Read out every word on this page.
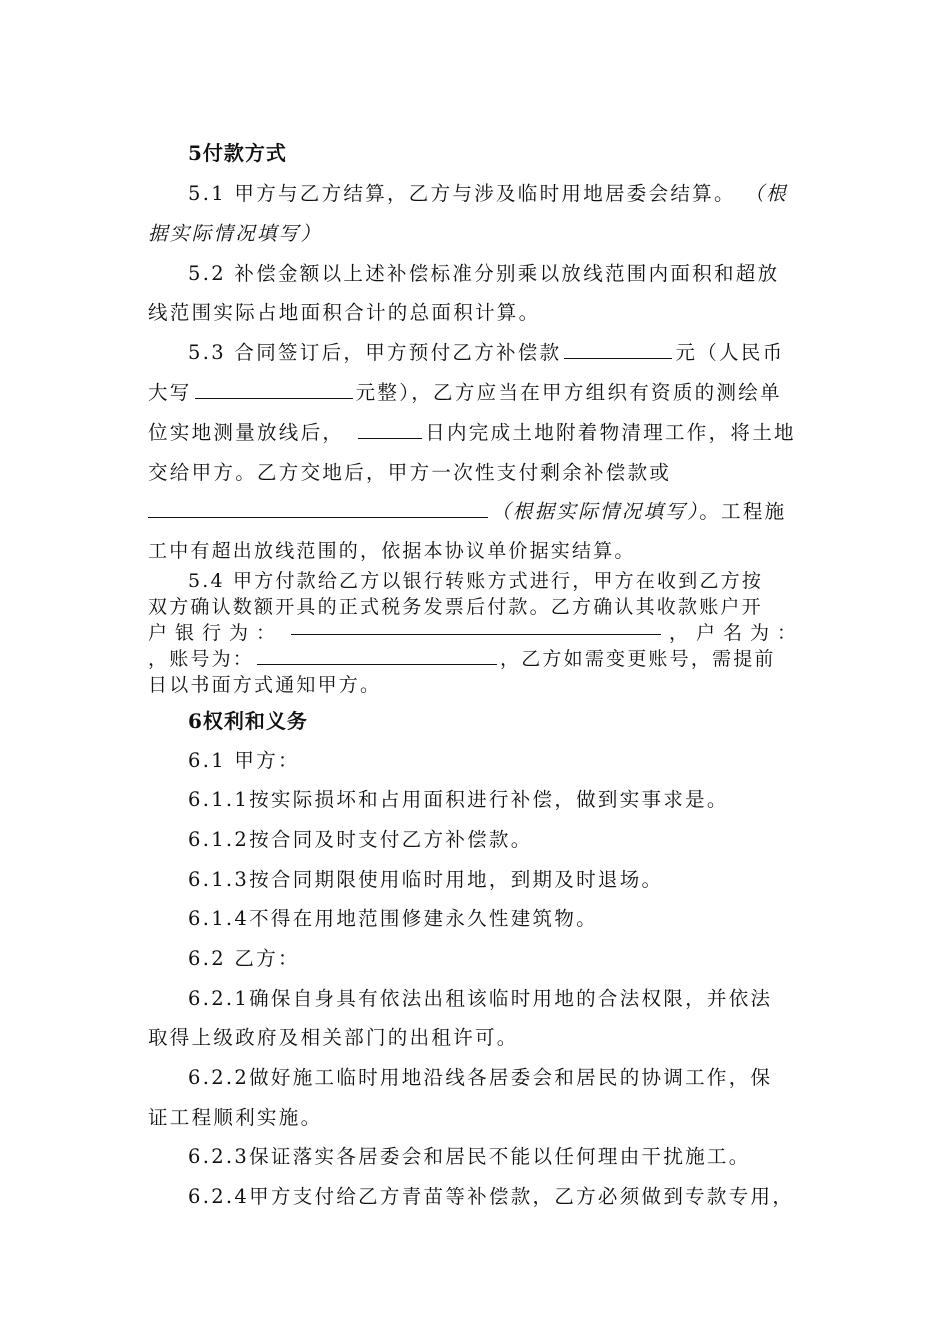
5付款方式
5.1 甲方与乙方结算，乙方与涉及临时用地居委会结算。 （根
据实际情况填写）
5.2 补偿金额以上述补偿标准分别乘以放线范围内面积和超放
线范围实际占地面积合计的总面积计算。
5.3 合同签订后，甲方预付乙方补偿款	元（人民币
大写	元整），乙方应当在甲方组织有资质的测绘单
位实地测量放线后，	日内完成土地附着物清理工作，将土地
交给甲方。乙方交地后，甲方一次性支付剩余补偿款或
（根据实际情况填写）。工程施
工中有超出放线范围的，依据本协议单价据实结算。
5.4 甲方付款给乙方以银行转账方式进行，甲方在收到乙方按
双方确认数额开具的正式税务发票后付款。乙方确认其收款账户开
户银行为：	，户名为：
，账号为：	，乙方如需变更账号，需提前
日以书面方式通知甲方。
6权利和义务
6.1 甲方：
6.1.1按实际损坏和占用面积进行补偿，做到实事求是。
6.1.2按合同及时支付乙方补偿款。
6.1.3按合同期限使用临时用地，到期及时退场。
6.1.4不得在用地范围修建永久性建筑物。
6.2 乙方：
6.2.1确保自身具有依法出租该临时用地的合法权限，并依法
取得上级政府及相关部门的出租许可。
6.2.2做好施工临时用地沿线各居委会和居民的协调工作，保
证工程顺利实施。
6.2.3保证落实各居委会和居民不能以任何理由干扰施工。
6.2.4甲方支付给乙方青苗等补偿款，乙方必须做到专款专用，
